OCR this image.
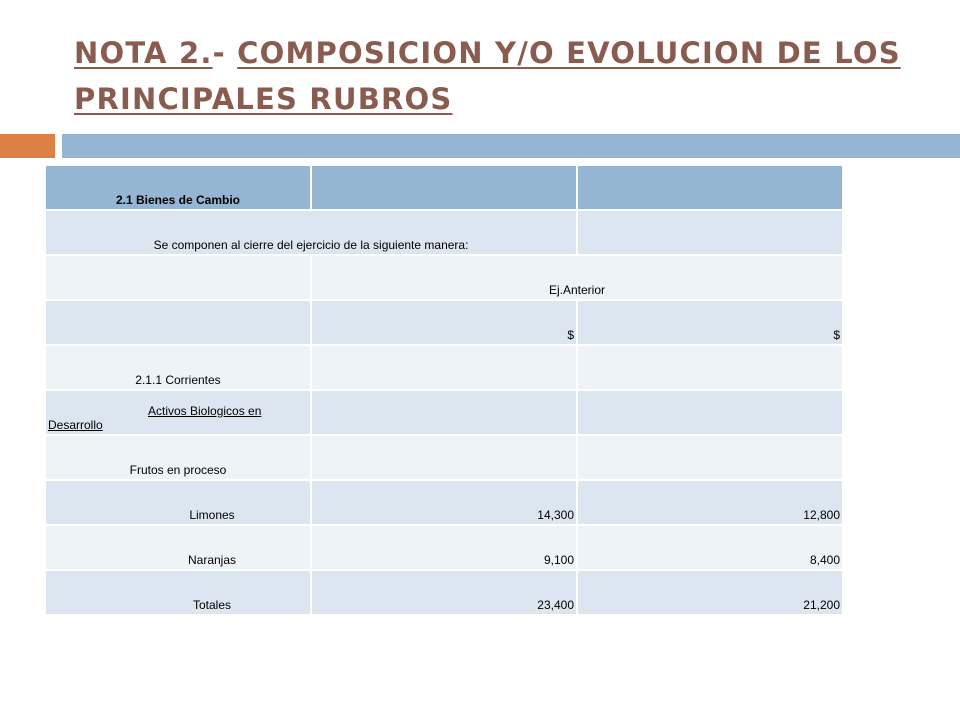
NOTA 2.- COMPOSICION Y/O EVOLUCION DE LOS PRINCIPALES RUBROS
2.1 Bienes de Cambio		
Se componen al cierre del ejercicio de la siguiente manera:		
	Ej.Anterior	
	$	$
2.1.1 Corrientes		
Activos Biologicos en Desarrollo		
Frutos en proceso		
Limones	14,300	12,800
Naranjas	9,100	8,400
Totales	23,400	21,200
